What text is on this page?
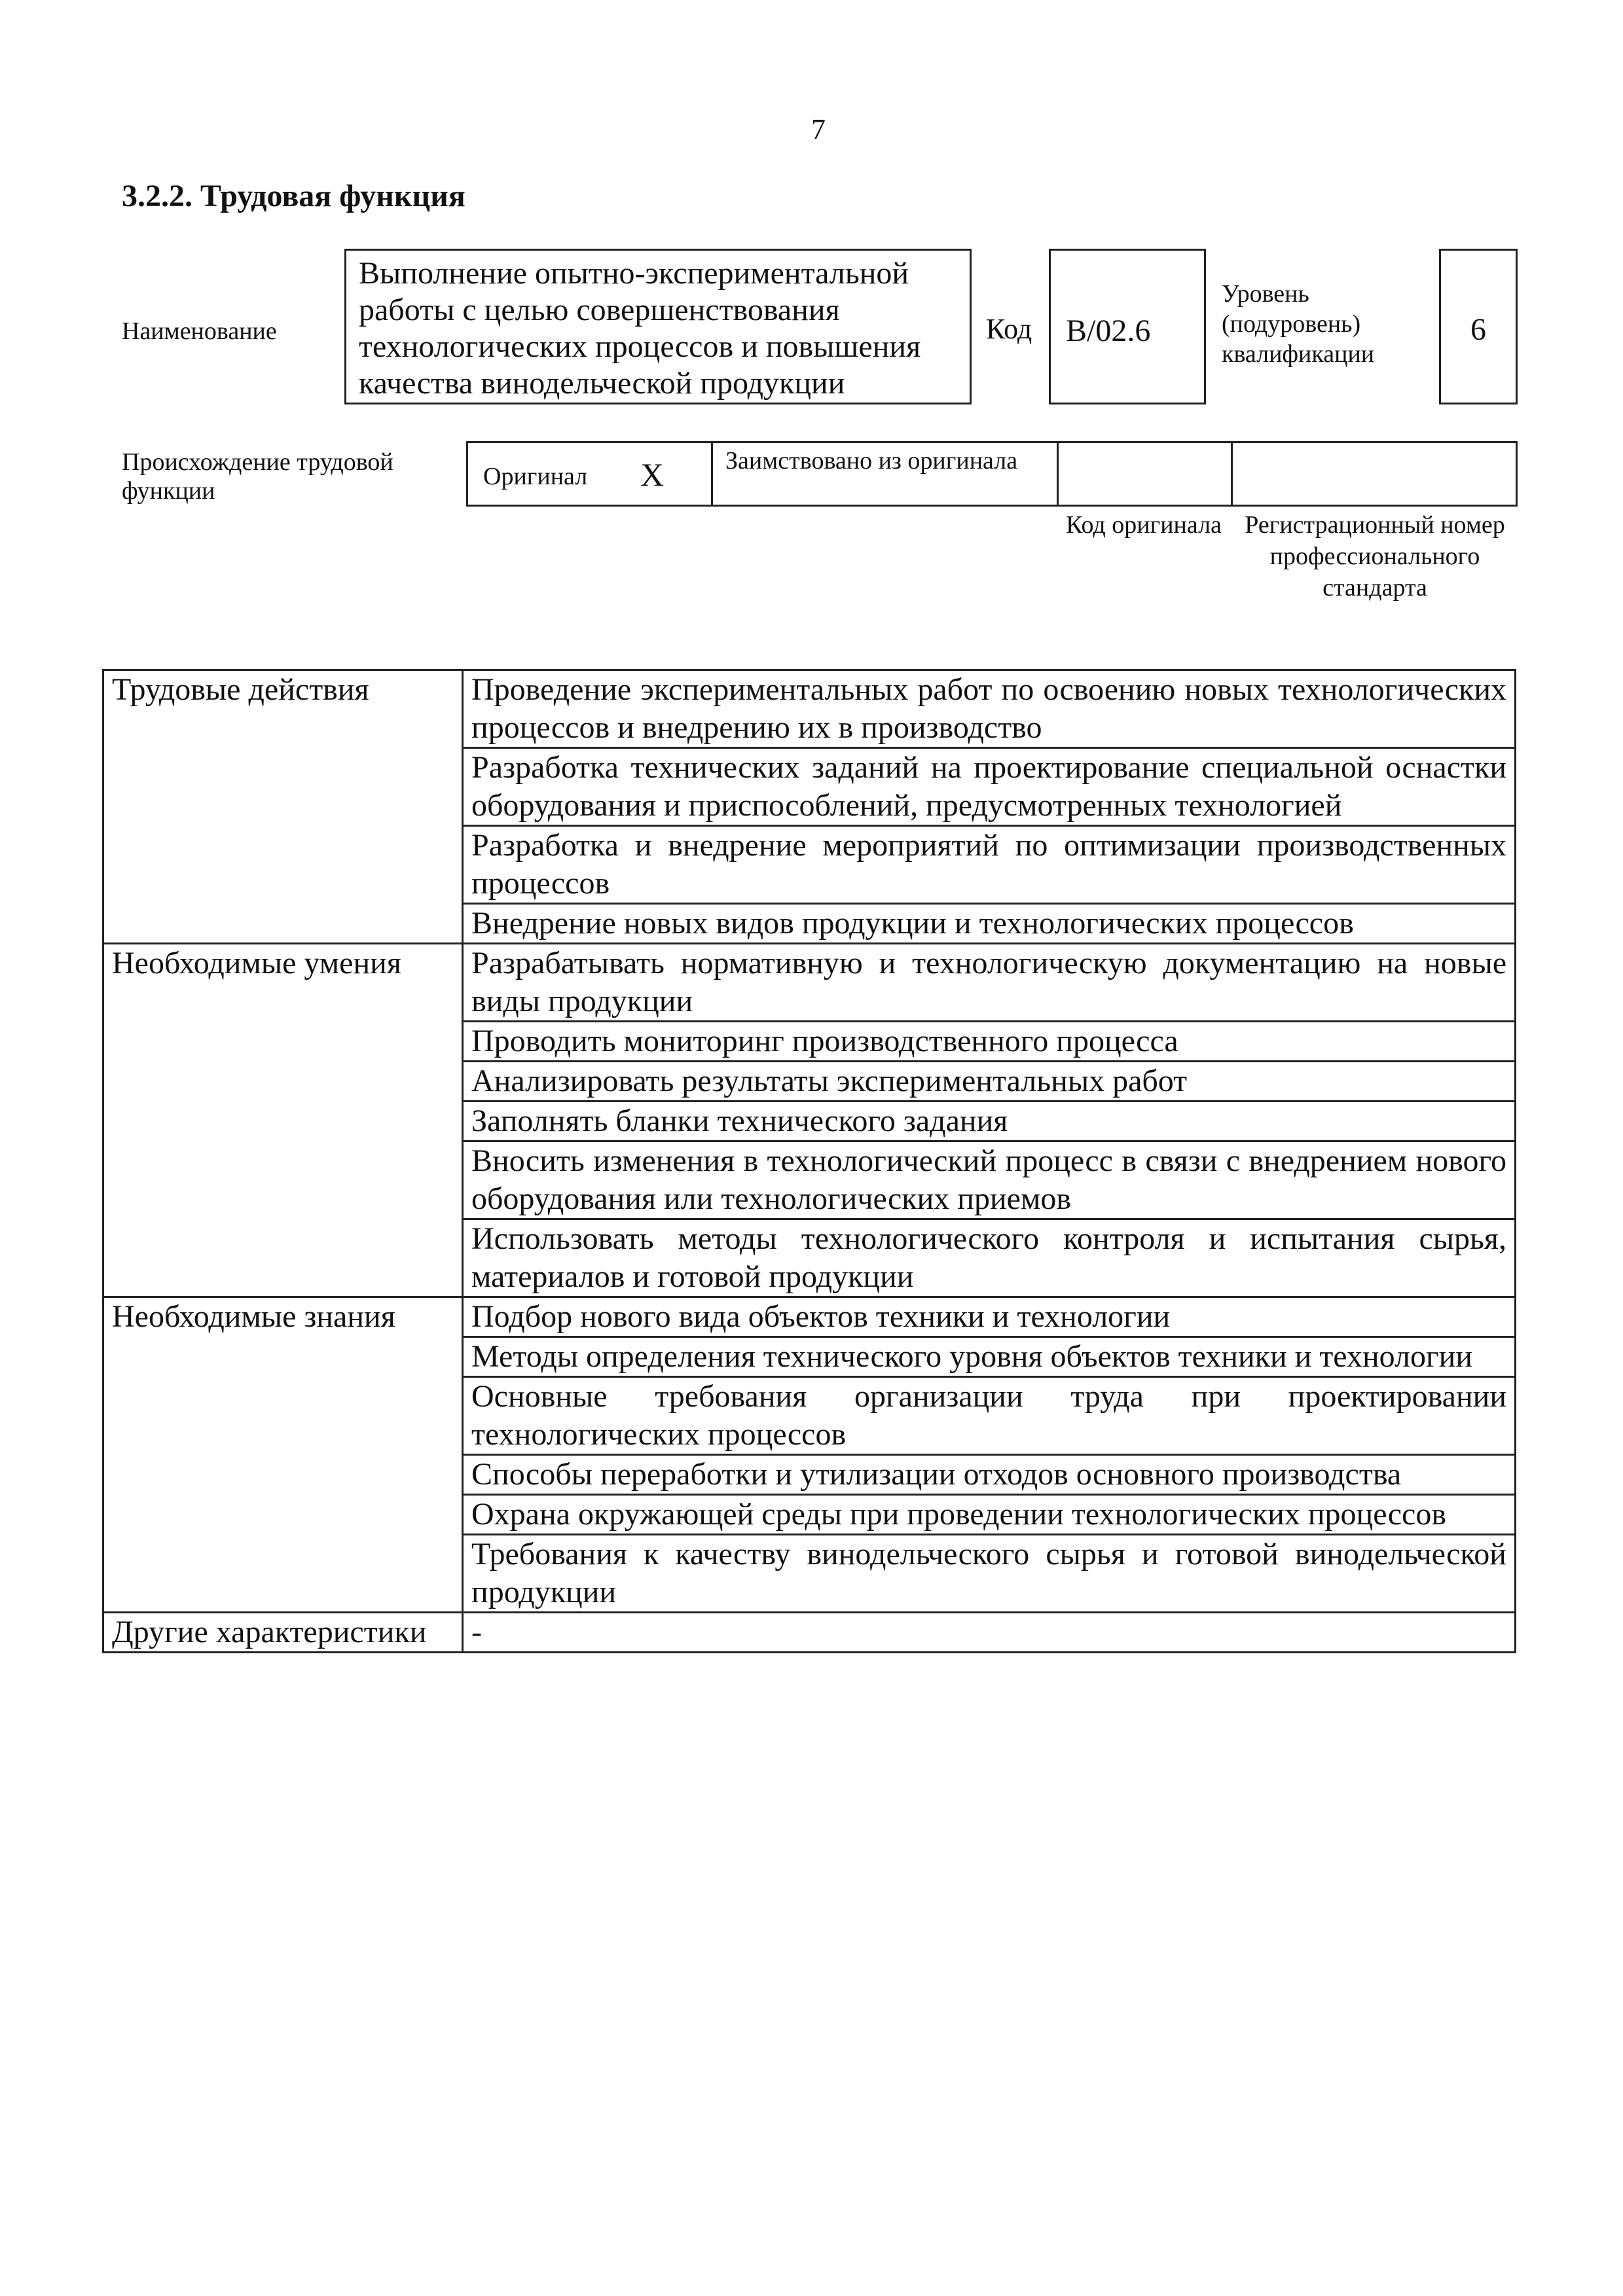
7
3.2.2. Трудовая функция
Наименование
Выполнение опытно-экспериментальной работы с целью совершенствования технологических процессов и повышения качества винодельческой продукции
Код B/02.6
Уровень (подуровень) квалификации
6
Происхождение трудовой функции
Оригинал X Заимствовано из оригинала
Код оригинала Регистрационный номер профессионального стандарта
Трудовые действия	Проведение экспериментальных работ по освоению новых технологических процессов и внедрению их в производство
	Разработка технических заданий на проектирование специальной оснастки оборудования и приспособлений, предусмотренных технологией
	Разработка и внедрение мероприятий по оптимизации производственных процессов
	Внедрение новых видов продукции и технологических процессов
Необходимые умения	Разрабатывать нормативную и технологическую документацию на новые виды продукции
	Проводить мониторинг производственного процесса
	Анализировать результаты экспериментальных работ
	Заполнять бланки технического задания
	Вносить изменения в технологический процесс в связи с внедрением нового оборудования или технологических приемов
	Использовать методы технологического контроля и испытания сырья, материалов и готовой продукции
Необходимые знания	Подбор нового вида объектов техники и технологии
	Методы определения технического уровня объектов техники и технологии
	Основные требования организации труда при проектировании технологических процессов
	Способы переработки и утилизации отходов основного производства
	Охрана окружающей среды при проведении технологических процессов
	Требования к качеству винодельческого сырья и готовой винодельческой продукции
Другие характеристики	-
